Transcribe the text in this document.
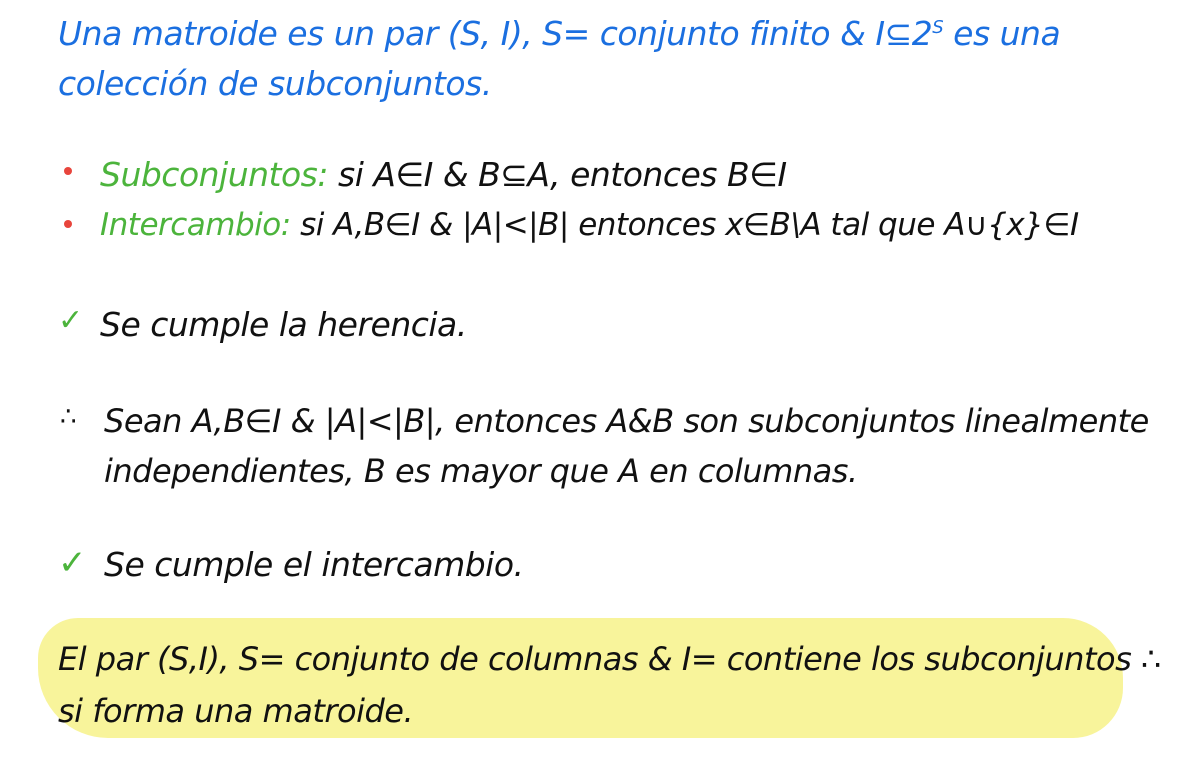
Una matroide es un par (S, I), S= conjunto finito & $I⊆2^S$ es una
colección de subconjuntos.
Subconjuntos: si A∈I & B⊆A, entonces B∈I
Intercambio: si A,B∈I & |A|<|B| entonces x∈B\A tal que A∪{x}∈I
✓ Se cumple la herencia.
∴ Sean A,B∈I & |A|<|B|, entonces A&B son subconjuntos linealmente
independientes, B es mayor que A en columnas.
✓ Se cumple el intercambio.
El par (S,I), S= conjunto de columnas & I= contiene los subconjuntos ∴
si forma una matroide.
